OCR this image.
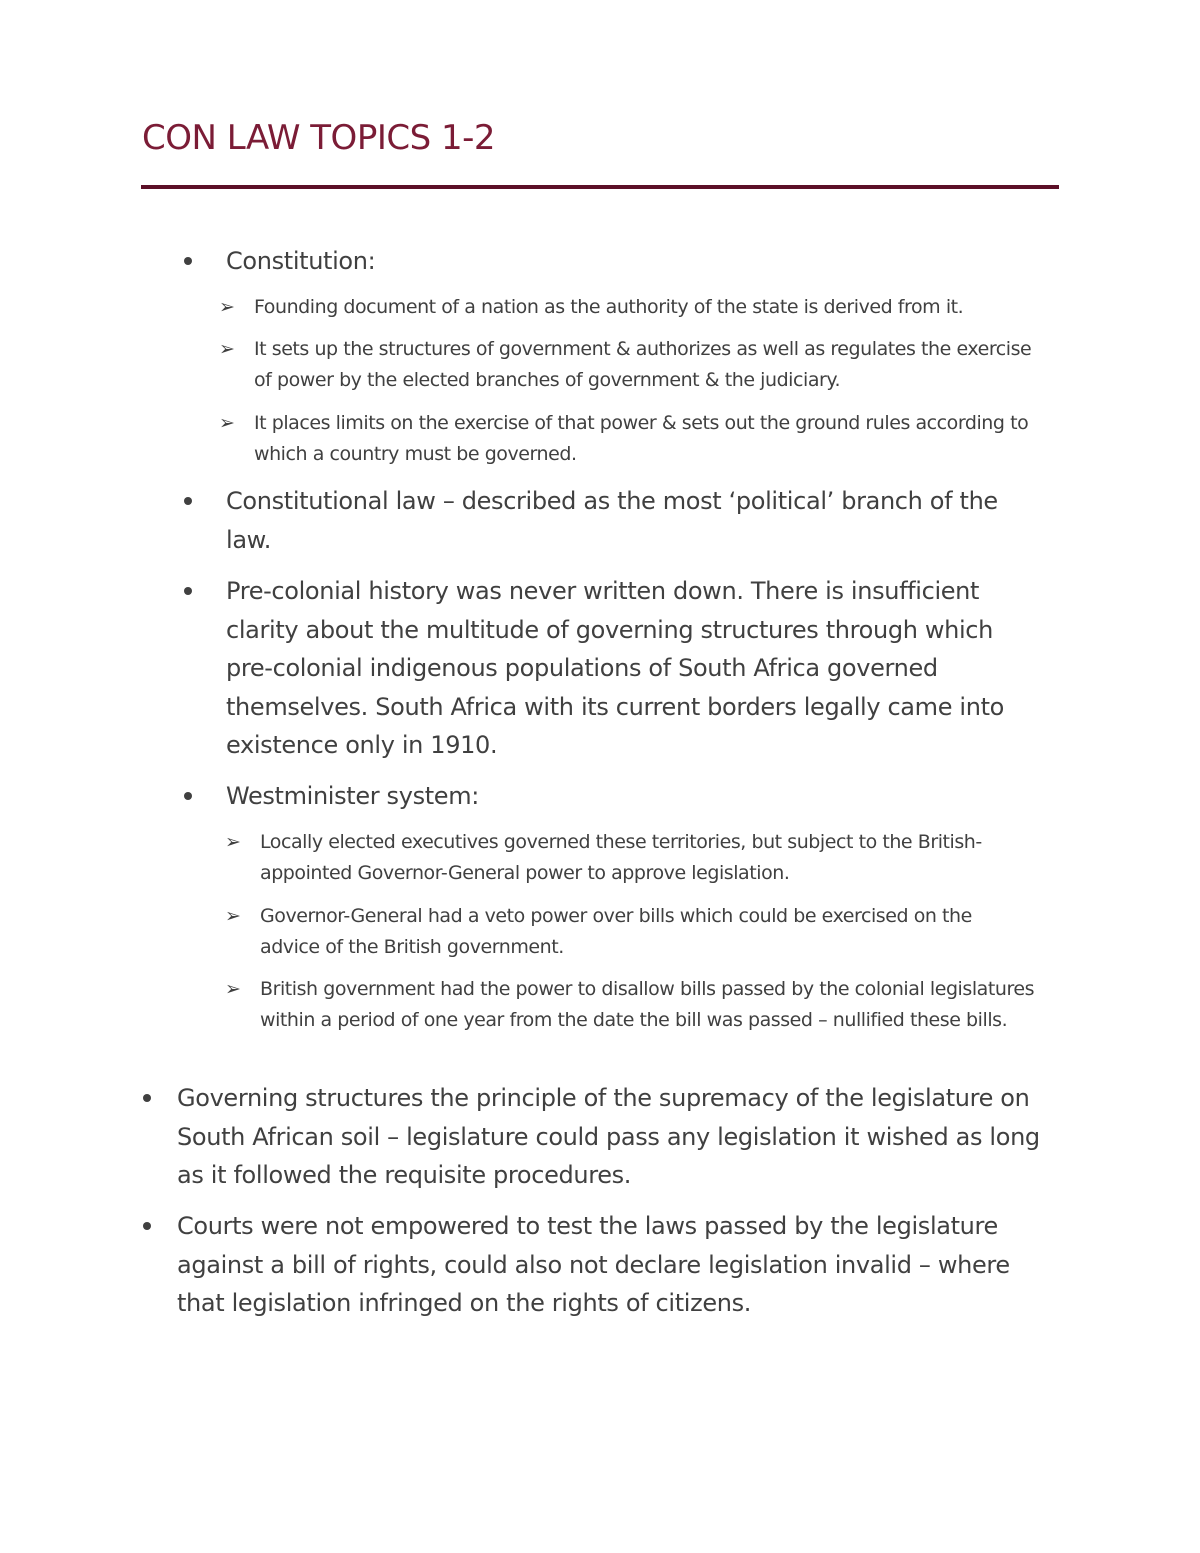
CON LAW TOPICS 1-2

Constitution:

➢ Founding document of a nation as the authority of the state is derived from it.

➢ It sets up the structures of government & authorizes as well as regulates the exercise of power by the elected branches of government & the judiciary.

➢ It places limits on the exercise of that power & sets out the ground rules according to which a country must be governed.

Constitutional law – described as the most ‘political’ branch of the law.

Pre-colonial history was never written down. There is insufficient clarity about the multitude of governing structures through which pre-colonial indigenous populations of South Africa governed themselves. South Africa with its current borders legally came into existence only in 1910.

Westminister system:

➢ Locally elected executives governed these territories, but subject to the British-appointed Governor-General power to approve legislation.

➢ Governor-General had a veto power over bills which could be exercised on the advice of the British government.

➢ British government had the power to disallow bills passed by the colonial legislatures within a period of one year from the date the bill was passed – nullified these bills.

Governing structures the principle of the supremacy of the legislature on South African soil – legislature could pass any legislation it wished as long as it followed the requisite procedures.

Courts were not empowered to test the laws passed by the legislature against a bill of rights, could also not declare legislation invalid – where that legislation infringed on the rights of citizens.
